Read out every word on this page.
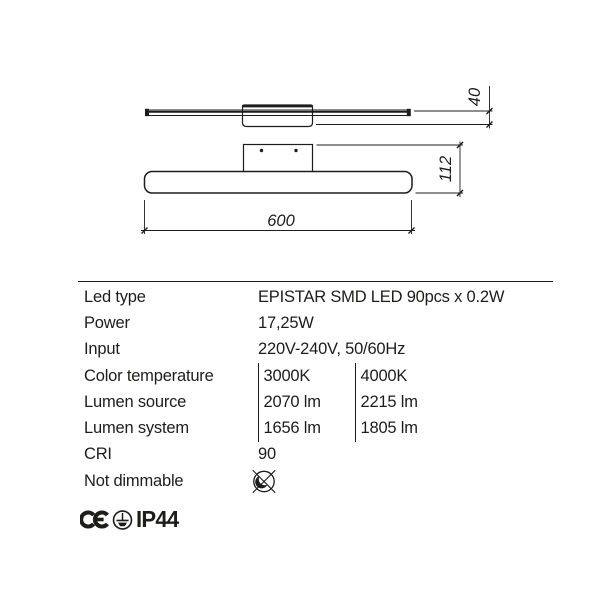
40
112
600
Led type	EPISTAR SMD LED 90pcs x 0.2W
Power	17,25W
Input	220V-240V, 50/60Hz
Color temperature	3000K	4000K
Lumen source	2070 lm	2215 lm
Lumen system	1656 lm	1805 lm
CRI	90
Not dimmable
IP44
